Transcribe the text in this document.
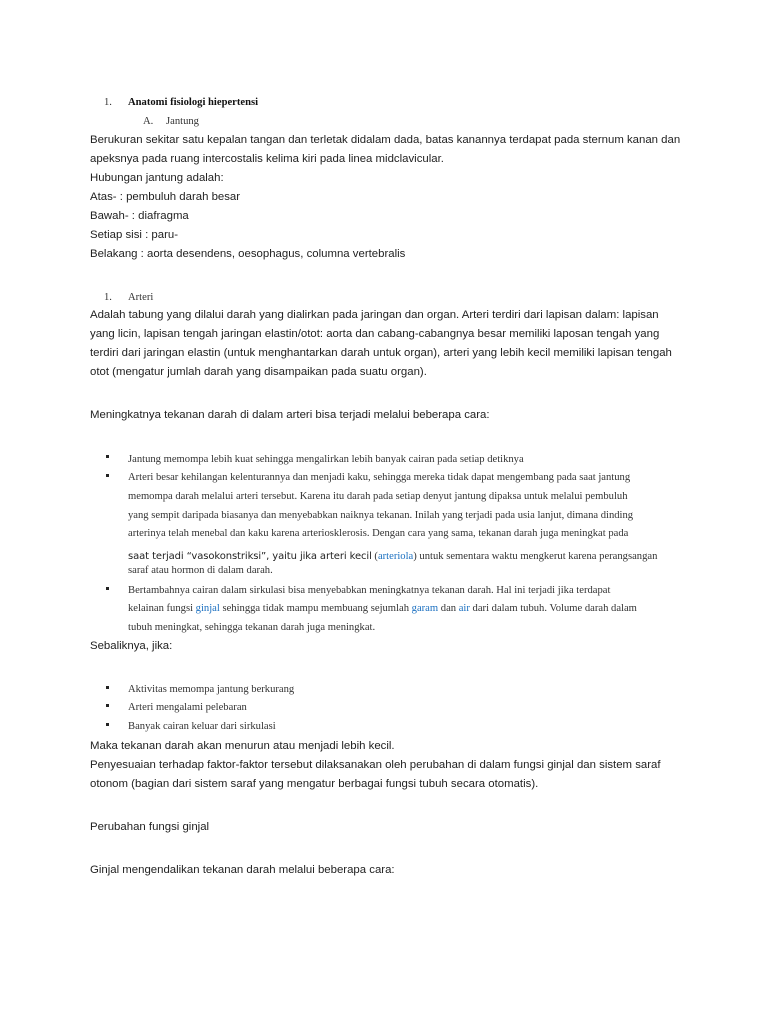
1. Anatomi fisiologi hiepertensi
A. Jantung
Berukuran sekitar satu kepalan tangan dan terletak didalam dada, batas kanannya terdapat pada sternum kanan dan
apeksnya pada ruang intercostalis kelima kiri pada linea midclavicular.
Hubungan jantung adalah:
Atas- : pembuluh darah besar
Bawah- : diafragma
Setiap sisi : paru-
Belakang : aorta desendens, oesophagus, columna vertebralis
1. Arteri
Adalah tabung yang dilalui darah yang dialirkan pada jaringan dan organ. Arteri terdiri dari lapisan dalam: lapisan
yang licin, lapisan tengah jaringan elastin/otot: aorta dan cabang-cabangnya besar memiliki laposan tengah yang
terdiri dari jaringan elastin (untuk menghantarkan darah untuk organ), arteri yang lebih kecil memiliki lapisan tengah
otot (mengatur jumlah darah yang disampaikan pada suatu organ).
Meningkatnya tekanan darah di dalam arteri bisa terjadi melalui beberapa cara:
Jantung memompa lebih kuat sehingga mengalirkan lebih banyak cairan pada setiap detiknya
Arteri besar kehilangan kelenturannya dan menjadi kaku, sehingga mereka tidak dapat mengembang pada saat jantung
memompa darah melalui arteri tersebut. Karena itu darah pada setiap denyut jantung dipaksa untuk melalui pembuluh
yang sempit daripada biasanya dan menyebabkan naiknya tekanan. Inilah yang terjadi pada usia lanjut, dimana dinding
arterinya telah menebal dan kaku karena arteriosklerosis. Dengan cara yang sama, tekanan darah juga meningkat pada
saat terjadi “vasokonstriksi”, yaitu jika arteri kecil (arteriola) untuk sementara waktu mengkerut karena perangsangan
saraf atau hormon di dalam darah.
Bertambahnya cairan dalam sirkulasi bisa menyebabkan meningkatnya tekanan darah. Hal ini terjadi jika terdapat
kelainan fungsi ginjal sehingga tidak mampu membuang sejumlah garam dan air dari dalam tubuh. Volume darah dalam
tubuh meningkat, sehingga tekanan darah juga meningkat.
Sebaliknya, jika:
Aktivitas memompa jantung berkurang
Arteri mengalami pelebaran
Banyak cairan keluar dari sirkulasi
Maka tekanan darah akan menurun atau menjadi lebih kecil.
Penyesuaian terhadap faktor-faktor tersebut dilaksanakan oleh perubahan di dalam fungsi ginjal dan sistem saraf
otonom (bagian dari sistem saraf yang mengatur berbagai fungsi tubuh secara otomatis).
Perubahan fungsi ginjal
Ginjal mengendalikan tekanan darah melalui beberapa cara:
